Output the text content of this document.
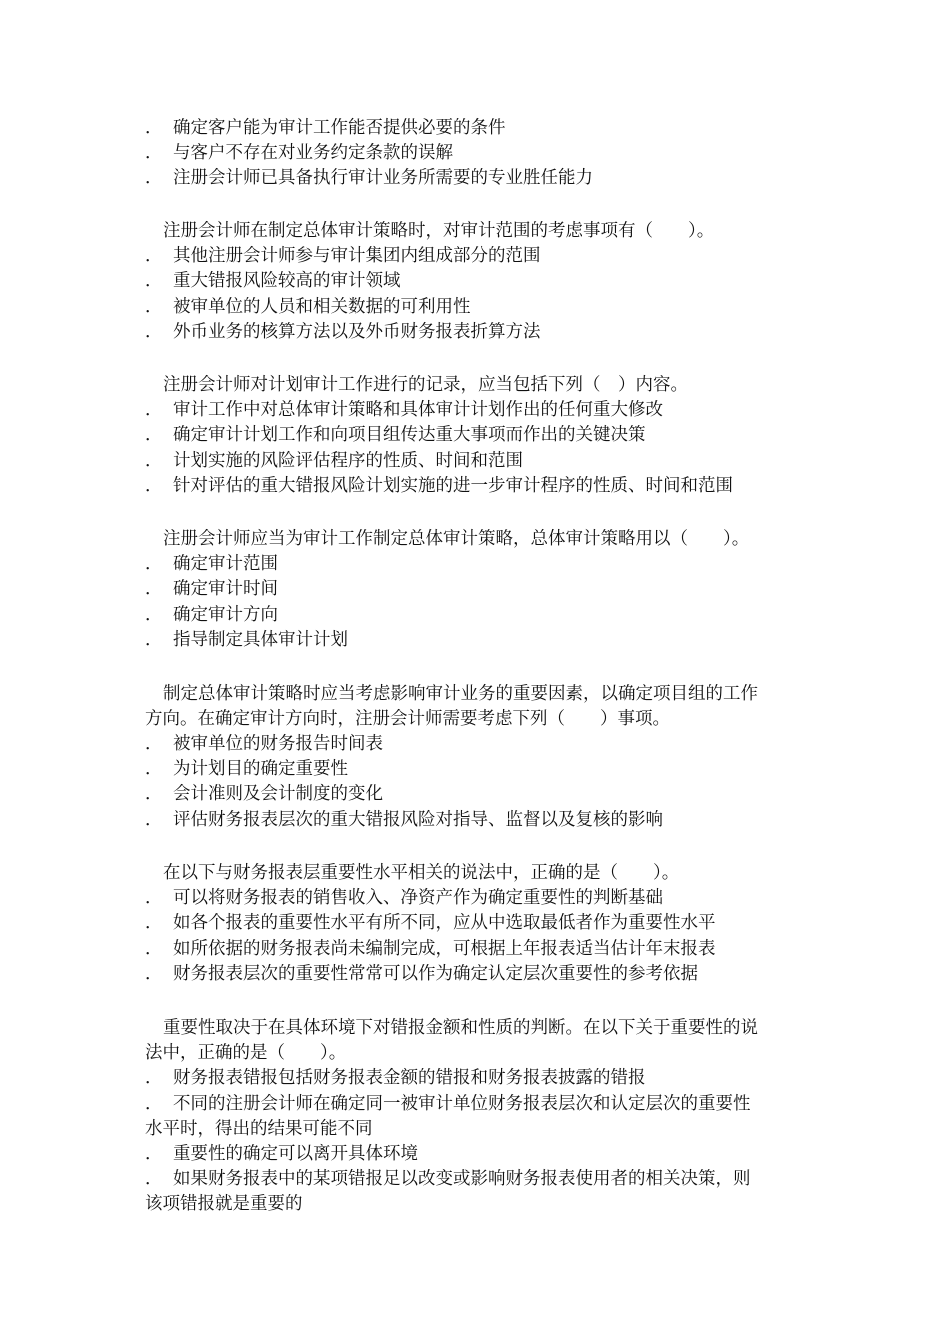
． 确定客户能为审计工作能否提供必要的条件
． 与客户不存在对业务约定条款的误解
． 注册会计师已具备执行审计业务所需要的专业胜任能力
注册会计师在制定总体审计策略时，对审计范围的考虑事项有（　　）。
． 其他注册会计师参与审计集团内组成部分的范围
． 重大错报风险较高的审计领域
． 被审单位的人员和相关数据的可利用性
． 外币业务的核算方法以及外币财务报表折算方法
注册会计师对计划审计工作进行的记录，应当包括下列（　）内容。
． 审计工作中对总体审计策略和具体审计计划作出的任何重大修改
． 确定审计计划工作和向项目组传达重大事项而作出的关键决策
． 计划实施的风险评估程序的性质、时间和范围
． 针对评估的重大错报风险计划实施的进一步审计程序的性质、时间和范围
注册会计师应当为审计工作制定总体审计策略，总体审计策略用以（　　）。
． 确定审计范围
． 确定审计时间
． 确定审计方向
． 指导制定具体审计计划
制定总体审计策略时应当考虑影响审计业务的重要因素，以确定项目组的工作
方向。在确定审计方向时，注册会计师需要考虑下列（　　）事项。
． 被审单位的财务报告时间表
． 为计划目的确定重要性
． 会计准则及会计制度的变化
． 评估财务报表层次的重大错报风险对指导、监督以及复核的影响
在以下与财务报表层重要性水平相关的说法中，正确的是（　　）。
． 可以将财务报表的销售收入、净资产作为确定重要性的判断基础
． 如各个报表的重要性水平有所不同，应从中选取最低者作为重要性水平
． 如所依据的财务报表尚未编制完成，可根据上年报表适当估计年末报表
． 财务报表层次的重要性常常可以作为确定认定层次重要性的参考依据
重要性取决于在具体环境下对错报金额和性质的判断。在以下关于重要性的说
法中，正确的是（　　）。
． 财务报表错报包括财务报表金额的错报和财务报表披露的错报
． 不同的注册会计师在确定同一被审计单位财务报表层次和认定层次的重要性
水平时，得出的结果可能不同
． 重要性的确定可以离开具体环境
． 如果财务报表中的某项错报足以改变或影响财务报表使用者的相关决策，则
该项错报就是重要的
